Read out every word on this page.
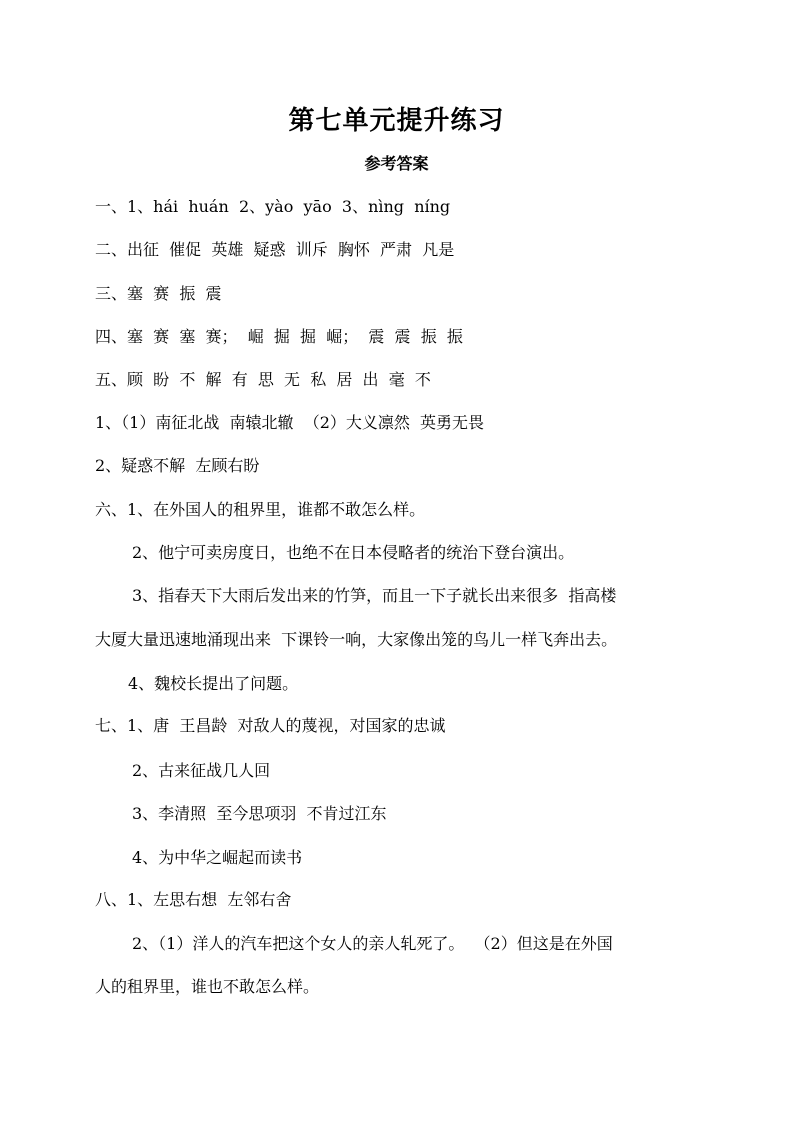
第七单元提升练习
参考答案
一、1、hái  huán  2、yào  yāo  3、nìng  níng
二、出征  催促  英雄  疑惑  训斥  胸怀  严肃  凡是
三、塞  赛  振  震
四、塞  赛  塞  赛；  崛  掘  掘  崛；  震  震  振  振
五、顾  盼  不  解  有  思  无  私  居  出  毫  不
1、（1）南征北战  南辕北辙  （2）大义凛然  英勇无畏
2、疑惑不解  左顾右盼
六、1、在外国人的租界里，谁都不敢怎么样。
2、他宁可卖房度日，也绝不在日本侵略者的统治下登台演出。
3、指春天下大雨后发出来的竹笋，而且一下子就长出来很多  指高楼
大厦大量迅速地涌现出来  下课铃一响，大家像出笼的鸟儿一样飞奔出去。
4、魏校长提出了问题。
七、1、唐  王昌龄  对敌人的蔑视，对国家的忠诚
2、古来征战几人回
3、李清照  至今思项羽  不肯过江东
4、为中华之崛起而读书
八、1、左思右想  左邻右舍
2、（1）洋人的汽车把这个女人的亲人轧死了。  （2）但这是在外国
人的租界里，谁也不敢怎么样。
